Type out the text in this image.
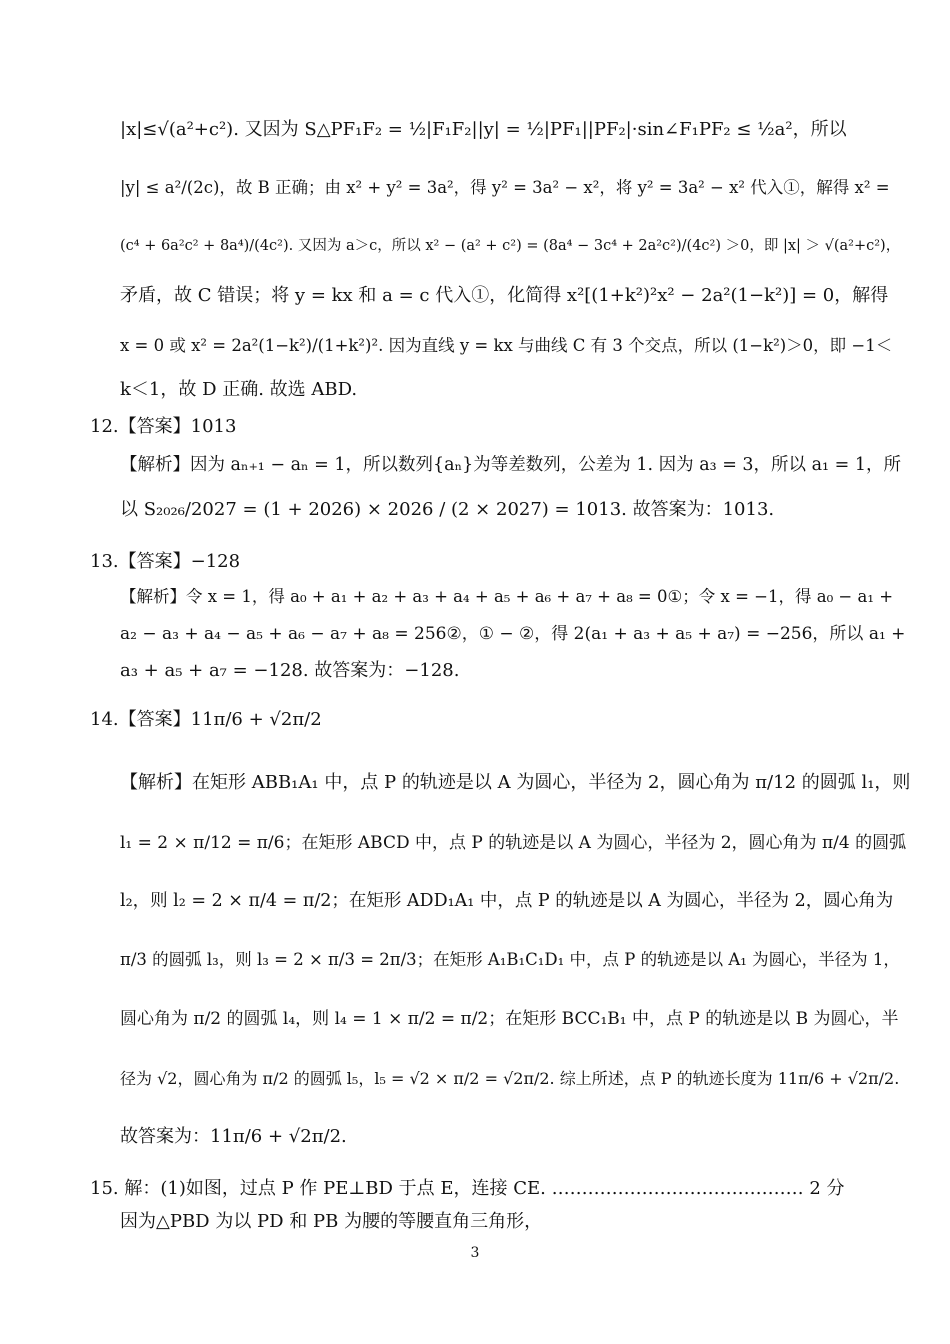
|x|≤√(a²+c²). 又因为 S△PF₁F₂ = ½|F₁F₂||y| = ½|PF₁||PF₂|·sin∠F₁PF₂ ≤ ½a²，所以
|y| ≤ a²/(2c)，故 B 正确；由 x² + y² = 3a²，得 y² = 3a² − x²，将 y² = 3a² − x² 代入①，解得 x² =
(c⁴ + 6a²c² + 8a⁴)/(4c²). 又因为 a＞c，所以 x² − (a² + c²) = (8a⁴ − 3c⁴ + 2a²c²)/(4c²) ＞0，即 |x| ＞ √(a²+c²)，
矛盾，故 C 错误；将 y = kx 和 a = c 代入①，化简得 x²[(1+k²)²x² − 2a²(1−k²)] = 0，解得
x = 0 或 x² = 2a²(1−k²)/(1+k²)². 因为直线 y = kx 与曲线 C 有 3 个交点，所以 (1−k²)＞0，即 −1＜
k＜1，故 D 正确. 故选 ABD.
12.【答案】1013
【解析】因为 aₙ₊₁ − aₙ = 1，所以数列{aₙ}为等差数列，公差为 1. 因为 a₃ = 3，所以 a₁ = 1，所
以 S₂₀₂₆/2027 = (1 + 2026) × 2026 / (2 × 2027) = 1013. 故答案为：1013.
13.【答案】−128
【解析】令 x = 1，得 a₀ + a₁ + a₂ + a₃ + a₄ + a₅ + a₆ + a₇ + a₈ = 0①；令 x = −1，得 a₀ − a₁ +
a₂ − a₃ + a₄ − a₅ + a₆ − a₇ + a₈ = 256②，① − ②，得 2(a₁ + a₃ + a₅ + a₇) = −256，所以 a₁ +
a₃ + a₅ + a₇ = −128. 故答案为：−128.
14.【答案】11π/6 + √2π/2
【解析】在矩形 ABB₁A₁ 中，点 P 的轨迹是以 A 为圆心，半径为 2，圆心角为 π/12 的圆弧 l₁，则
l₁ = 2 × π/12 = π/6；在矩形 ABCD 中，点 P 的轨迹是以 A 为圆心，半径为 2，圆心角为 π/4 的圆弧
l₂，则 l₂ = 2 × π/4 = π/2；在矩形 ADD₁A₁ 中，点 P 的轨迹是以 A 为圆心，半径为 2，圆心角为
π/3 的圆弧 l₃，则 l₃ = 2 × π/3 = 2π/3；在矩形 A₁B₁C₁D₁ 中，点 P 的轨迹是以 A₁ 为圆心，半径为 1，
圆心角为 π/2 的圆弧 l₄，则 l₄ = 1 × π/2 = π/2；在矩形 BCC₁B₁ 中，点 P 的轨迹是以 B 为圆心，半
径为 √2，圆心角为 π/2 的圆弧 l₅，l₅ = √2 × π/2 = √2π/2. 综上所述，点 P 的轨迹长度为 11π/6 + √2π/2.
故答案为：11π/6 + √2π/2.
15. 解：(1)如图，过点 P 作 PE⊥BD 于点 E，连接 CE. …………………………………… 2 分
因为△PBD 为以 PD 和 PB 为腰的等腰直角三角形，
3
